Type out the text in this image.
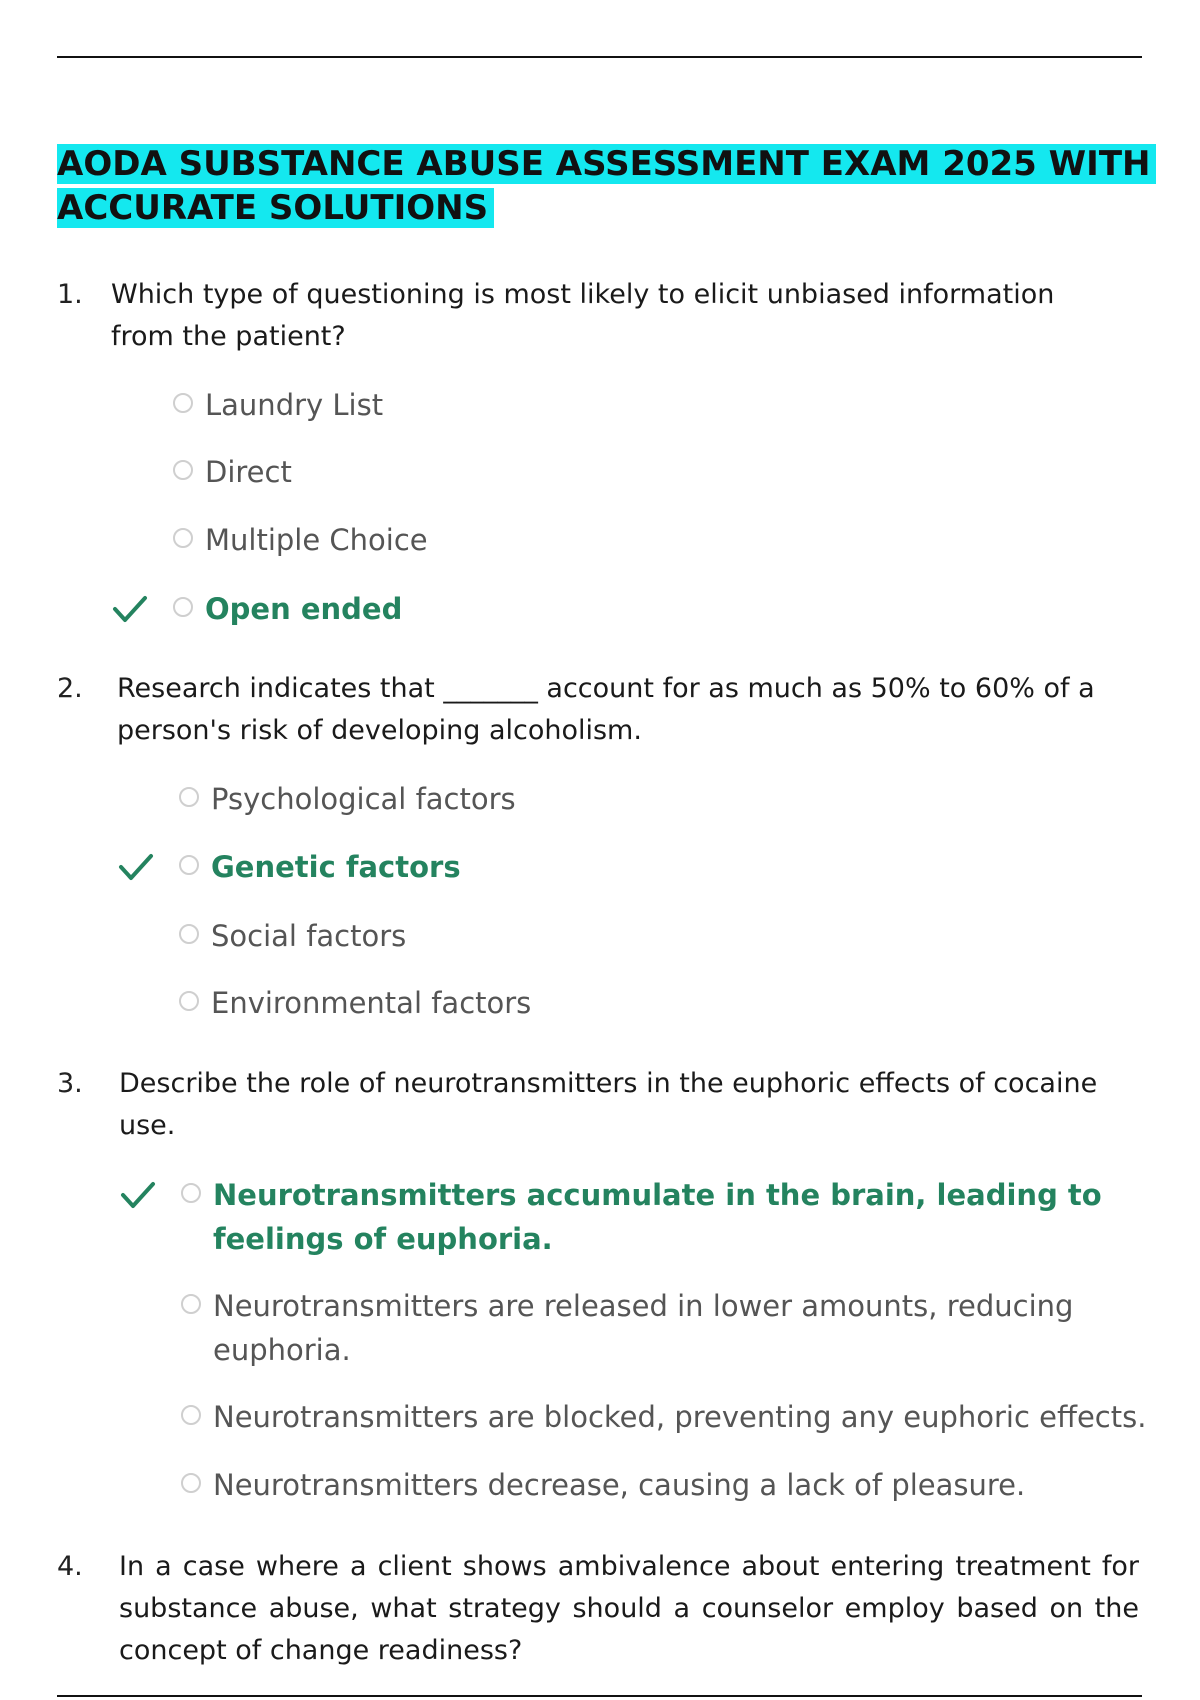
AODA SUBSTANCE ABUSE ASSESSMENT EXAM 2025 WITH
ACCURATE SOLUTIONS
1. Which type of questioning is most likely to elicit unbiased information from the patient?

Laundry List
Direct
Multiple Choice
Open ended
2. Research indicates that _______ account for as much as 50% to 60% of a person's risk of developing alcoholism.

Psychological factors
Genetic factors
Social factors
Environmental factors
3. Describe the role of neurotransmitters in the euphoric effects of cocaine use.

Neurotransmitters accumulate in the brain, leading to feelings of euphoria.
Neurotransmitters are released in lower amounts, reducing euphoria.
Neurotransmitters are blocked, preventing any euphoric effects.
Neurotransmitters decrease, causing a lack of pleasure.
4. In a case where a client shows ambivalence about entering treatment for substance abuse, what strategy should a counselor employ based on the concept of change readiness?
